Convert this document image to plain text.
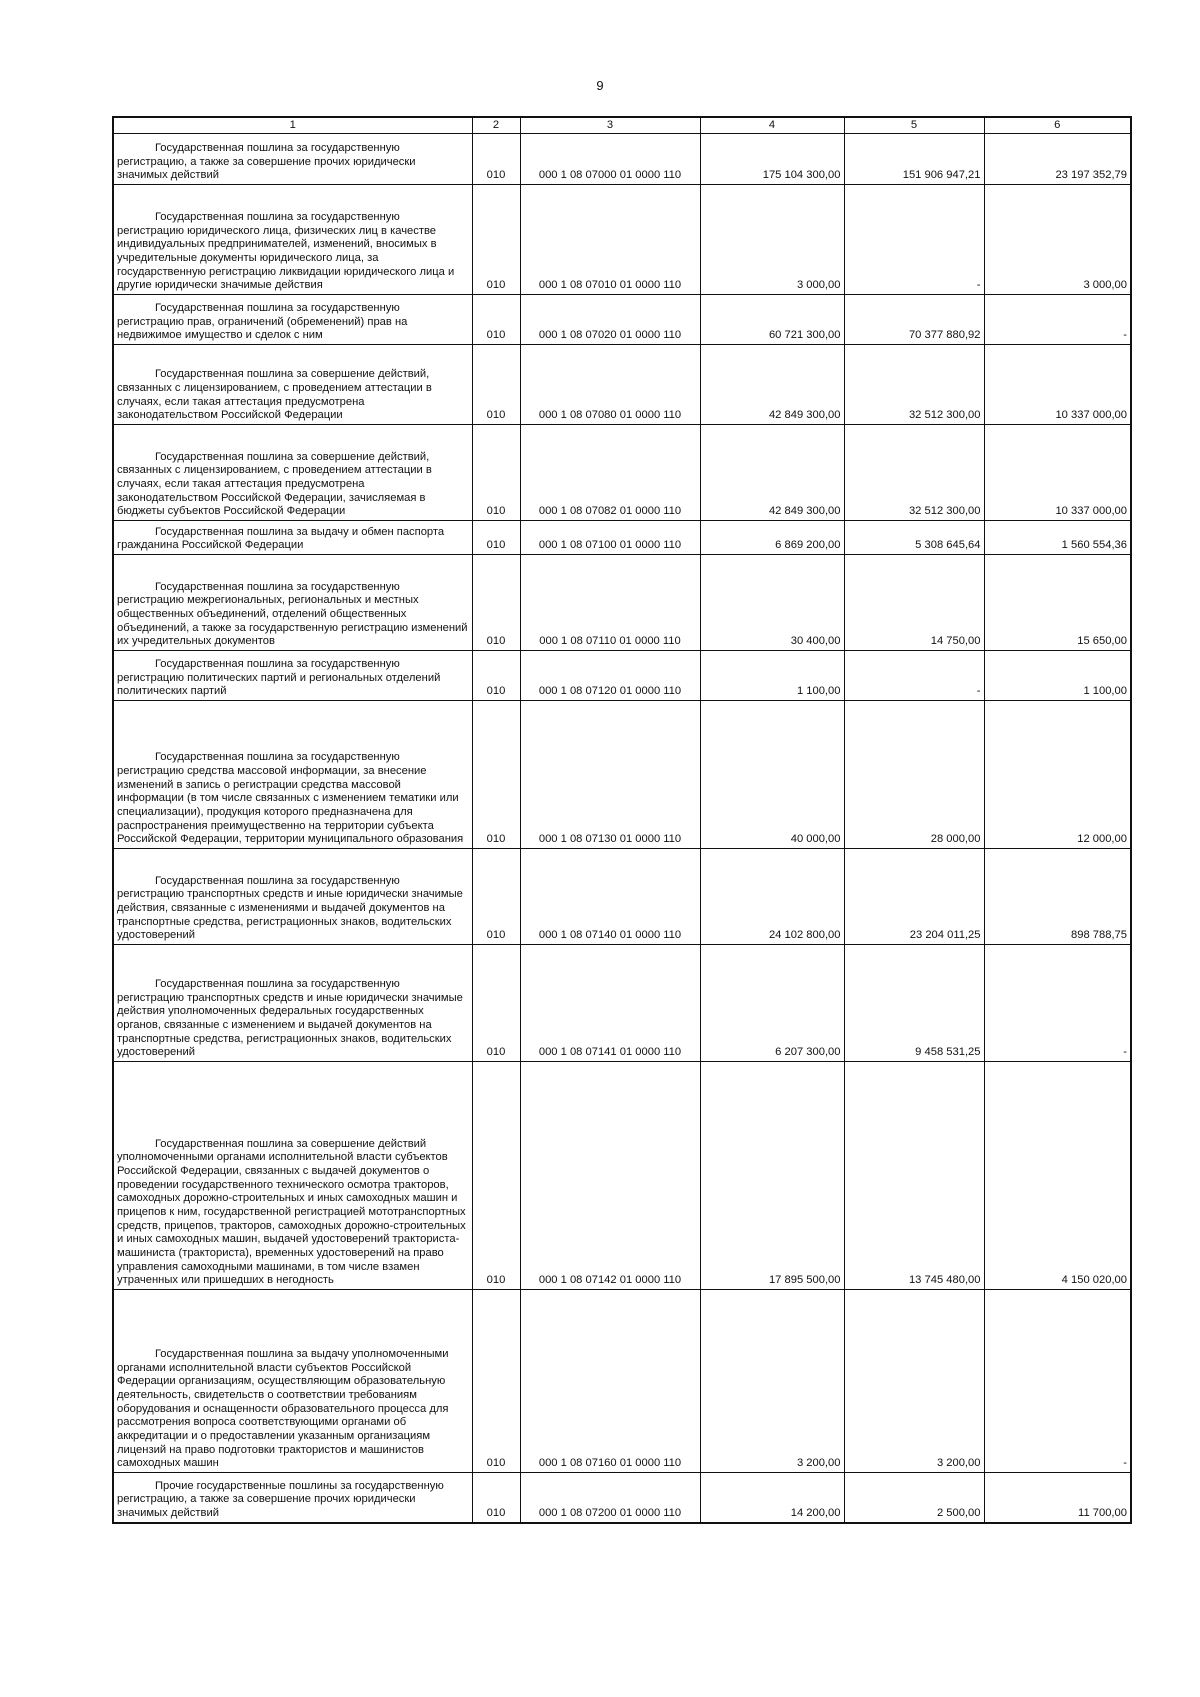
9
1	2	3	4	5	6

Государственная пошлина за государственную регистрацию, а также за совершение прочих юридически значимых действий	010	000 1 08 07000 01 0000 110	175 104 300,00	151 906 947,21	23 197 352,79

Государственная пошлина за государственную регистрацию юридического лица, физических лиц в качестве индивидуальных предпринимателей, изменений, вносимых в учредительные документы юридического лица, за государственную регистрацию ликвидации юридического лица и другие юридически значимые действия	010	000 1 08 07010 01 0000 110	3 000,00	-	3 000,00

Государственная пошлина за государственную регистрацию прав, ограничений (обременений) прав на недвижимое имущество и сделок с ним	010	000 1 08 07020 01 0000 110	60 721 300,00	70 377 880,92	-

Государственная пошлина за совершение действий, связанных с лицензированием, с проведением аттестации в случаях, если такая аттестация предусмотрена законодательством Российской Федерации	010	000 1 08 07080 01 0000 110	42 849 300,00	32 512 300,00	10 337 000,00

Государственная пошлина за совершение действий, связанных с лицензированием, с проведением аттестации в случаях, если такая аттестация предусмотрена законодательством Российской Федерации, зачисляемая в бюджеты субъектов Российской Федерации	010	000 1 08 07082 01 0000 110	42 849 300,00	32 512 300,00	10 337 000,00

Государственная пошлина за выдачу и обмен паспорта гражданина Российской Федерации	010	000 1 08 07100 01 0000 110	6 869 200,00	5 308 645,64	1 560 554,36

Государственная пошлина за государственную регистрацию межрегиональных, региональных и местных общественных объединений, отделений общественных объединений, а также за государственную регистрацию изменений их учредительных документов	010	000 1 08 07110 01 0000 110	30 400,00	14 750,00	15 650,00

Государственная пошлина за государственную регистрацию политических партий и региональных отделений политических партий	010	000 1 08 07120 01 0000 110	1 100,00	-	1 100,00

Государственная пошлина за государственную регистрацию средства массовой информации, за внесение изменений в запись о регистрации средства массовой информации (в том числе связанных с изменением тематики или специализации), продукция которого предназначена для распространения преимущественно на территории субъекта Российской Федерации, территории муниципального образования	010	000 1 08 07130 01 0000 110	40 000,00	28 000,00	12 000,00

Государственная пошлина за государственную регистрацию транспортных средств и иные юридически значимые действия, связанные с изменениями и выдачей документов на транспортные средства, регистрационных знаков, водительских удостоверений	010	000 1 08 07140 01 0000 110	24 102 800,00	23 204 011,25	898 788,75

Государственная пошлина за государственную регистрацию транспортных средств и иные юридически значимые действия уполномоченных федеральных государственных органов, связанные с изменением и выдачей документов на транспортные средства, регистрационных знаков, водительских удостоверений	010	000 1 08 07141 01 0000 110	6 207 300,00	9 458 531,25	-

Государственная пошлина за совершение действий уполномоченными органами исполнительной власти субъектов Российской Федерации, связанных с выдачей документов о проведении государственного технического осмотра тракторов, самоходных дорожно-строительных и иных самоходных машин и прицепов к ним, государственной регистрацией мототранспортных средств, прицепов, тракторов, самоходных дорожно-строительных и иных самоходных машин, выдачей удостоверений тракториста-машиниста (тракториста), временных удостоверений на право управления самоходными машинами, в том числе взамен утраченных или пришедших в негодность	010	000 1 08 07142 01 0000 110	17 895 500,00	13 745 480,00	4 150 020,00

Государственная пошлина за выдачу уполномоченными органами исполнительной власти субъектов Российской Федерации организациям, осуществляющим образовательную деятельность, свидетельств о соответствии требованиям оборудования и оснащенности образовательного процесса для рассмотрения вопроса соответствующими органами об аккредитации и о предоставлении указанным организациям лицензий на право подготовки трактористов и машинистов самоходных машин	010	000 1 08 07160 01 0000 110	3 200,00	3 200,00	-

Прочие государственные пошлины за государственную регистрацию, а также за совершение прочих юридически значимых действий	010	000 1 08 07200 01 0000 110	14 200,00	2 500,00	11 700,00
